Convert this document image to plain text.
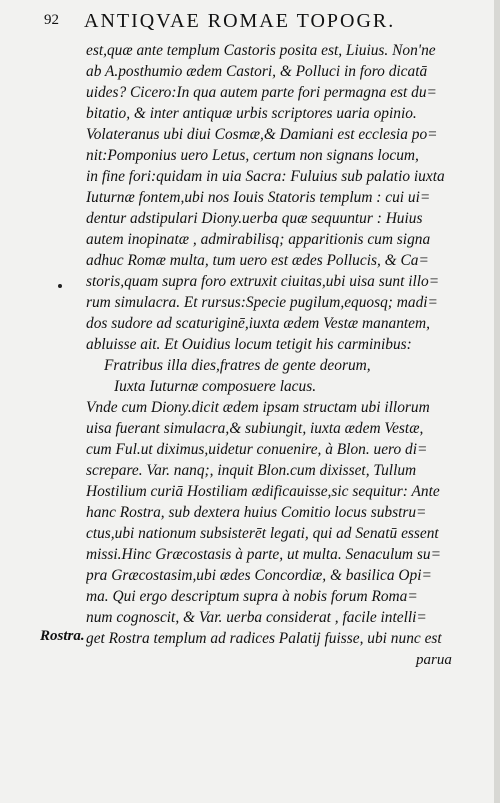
92 ANTIQVAE ROMAE TOPOGR.
est,quæ ante templum Castoris posita est, Liuius. Non'ne
ab A.posthumio ædem Castori, & Polluci in foro dicatā
uides? Cicero:In qua autem parte fori permagna est du=
bitatio, & inter antiquæ urbis scriptores uaria opinio.
Volateranus ubi diui Cosmæ,& Damiani est ecclesia po=
nit:Pomponius uero Letus, certum non signans locum,
in fine fori:quidam in uia Sacra: Fuluius sub palatio iuxta
Iuturnæ fontem,ubi nos Iouis Statoris templum : cui ui=
dentur adstipulari Diony.uerba quæ sequuntur : Huius
autem inopinatæ , admirabilisq; apparitionis cum signa
adhuc Romæ multa, tum uero est ædes Pollucis, & Ca=
storis,quam supra foro extruxit ciuitas,ubi uisa sunt illo=
rum simulacra. Et rursus:Specie pugilum,equosq; madi=
dos sudore ad scaturiginē,iuxta ædem Vestæ manantem,
abluisse ait. Et Ouidius locum tetigit his carminibus:
Fratribus illa dies,fratres de gente deorum,
Iuxta Iuturnæ composuere lacus.
Vnde cum Diony.dicit ædem ipsam structam ubi illorum
uisa fuerant simulacra,& subiungit, iuxta ædem Vestæ,
cum Ful.ut diximus,uidetur conuenire, à Blon. uero di=
screpare. Var. nanq;, inquit Blon.cum dixisset, Tullum
Hostilium curiā Hostiliam ædificauisse,sic sequitur: Ante
hanc Rostra, sub dextera huius Comitio locus substru=
ctus,ubi nationum subsisterēt legati, qui ad Senatū essent
missi.Hinc Græcostasis à parte, ut multa. Senaculum su=
pra Græcostasim,ubi ædes Concordiæ, & basilica Opi=
ma. Qui ergo descriptum supra à nobis forum Roma=
num cognoscit, & Var. uerba considerat , facile intelli=
get Rostra templum ad radices Palatij fuisse, ubi nunc est
Rostra.
parua
